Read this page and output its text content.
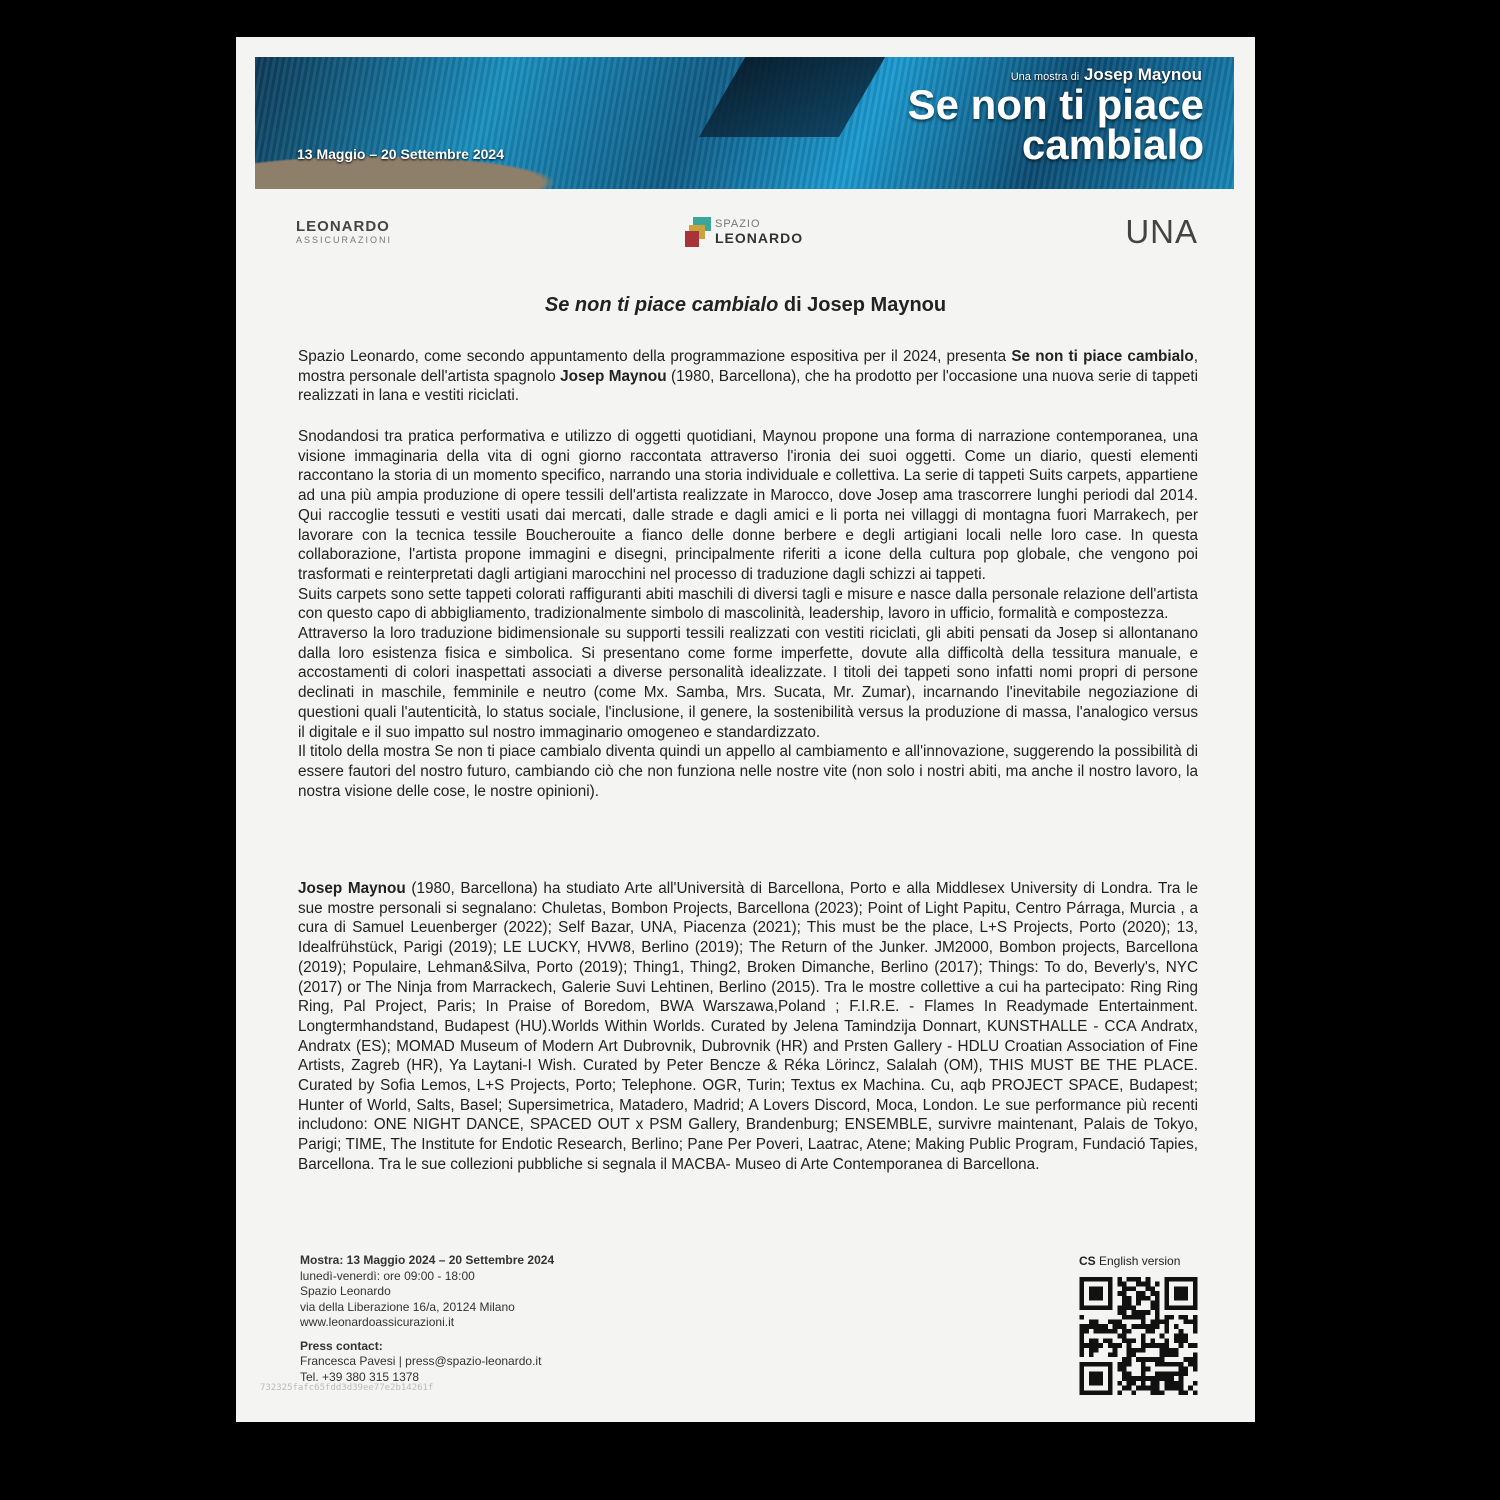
Una mostra di Josep Maynou
Se non ti piace
cambialo
13 Maggio – 20 Settembre 2024
LEONARDO
ASSICURAZIONI
SPAZIO
LEONARDO	UNA
Se non ti piace cambialo di Josep Maynou

Spazio Leonardo, come secondo appuntamento della programmazione espositiva per il 2024, presenta Se non ti piace cambialo, mostra personale dell'artista spagnolo Josep Maynou (1980, Barcellona), che ha prodotto per l'occasione una nuova serie di tappeti realizzati in lana e vestiti riciclati.

Snodandosi tra pratica performativa e utilizzo di oggetti quotidiani, Maynou propone una forma di narrazione contemporanea, una visione immaginaria della vita di ogni giorno raccontata attraverso l'ironia dei suoi oggetti. Come un diario, questi elementi raccontano la storia di un momento specifico, narrando una storia individuale e collettiva. La serie di tappeti Suits carpets, appartiene ad una più ampia produzione di opere tessili dell'artista realizzate in Marocco, dove Josep ama trascorrere lunghi periodi dal 2014. Qui raccoglie tessuti e vestiti usati dai mercati, dalle strade e dagli amici e li porta nei villaggi di montagna fuori Marrakech, per lavorare con la tecnica tessile Boucherouite a fianco delle donne berbere e degli artigiani locali nelle loro case. In questa collaborazione, l'artista propone immagini e disegni, principalmente riferiti a icone della cultura pop globale, che vengono poi trasformati e reinterpretati dagli artigiani marocchini nel processo di traduzione dagli schizzi ai tappeti.

Suits carpets sono sette tappeti colorati raffiguranti abiti maschili di diversi tagli e misure e nasce dalla personale relazione dell'artista con questo capo di abbigliamento, tradizionalmente simbolo di mascolinità, leadership, lavoro in ufficio, formalità e compostezza.

Attraverso la loro traduzione bidimensionale su supporti tessili realizzati con vestiti riciclati, gli abiti pensati da Josep si allontanano dalla loro esistenza fisica e simbolica. Si presentano come forme imperfette, dovute alla difficoltà della tessitura manuale, e accostamenti di colori inaspettati associati a diverse personalità idealizzate. I titoli dei tappeti sono infatti nomi propri di persone declinati in maschile, femminile e neutro (come Mx. Samba, Mrs. Sucata, Mr. Zumar), incarnando l'inevitabile negoziazione di questioni quali l'autenticità, lo status sociale, l'inclusione, il genere, la sostenibilità versus la produzione di massa, l'analogico versus il digitale e il suo impatto sul nostro immaginario omogeneo e standardizzato.

Il titolo della mostra Se non ti piace cambialo diventa quindi un appello al cambiamento e all'innovazione, suggerendo la possibilità di essere fautori del nostro futuro, cambiando ciò che non funziona nelle nostre vite (non solo i nostri abiti, ma anche il nostro lavoro, la nostra visione delle cose, le nostre opinioni).

Josep Maynou (1980, Barcellona) ha studiato Arte all'Università di Barcellona, Porto e alla Middlesex University di Londra. Tra le sue mostre personali si segnalano: Chuletas, Bombon Projects, Barcellona (2023); Point of Light Papitu, Centro Párraga, Murcia , a cura di Samuel Leuenberger (2022); Self Bazar, UNA, Piacenza (2021); This must be the place, L+S Projects, Porto (2020); 13, Idealfrühstück, Parigi (2019); LE LUCKY, HVW8, Berlino (2019); The Return of the Junker. JM2000, Bombon projects, Barcellona (2019); Populaire, Lehman&Silva, Porto (2019); Thing1, Thing2, Broken Dimanche, Berlino (2017); Things: To do, Beverly's, NYC (2017) or The Ninja from Marrackech, Galerie Suvi Lehtinen, Berlino (2015). Tra le mostre collettive a cui ha partecipato: Ring Ring Ring, Pal Project, Paris; In Praise of Boredom, BWA Warszawa,Poland ; F.I.R.E. - Flames In Readymade Entertainment. Longtermhandstand, Budapest (HU).Worlds Within Worlds. Curated by Jelena Tamindzija Donnart, KUNSTHALLE - CCA Andratx, Andratx (ES); MOMAD Museum of Modern Art Dubrovnik, Dubrovnik (HR) and Prsten Gallery - HDLU Croatian Association of Fine Artists, Zagreb (HR), Ya Laytani-I Wish. Curated by Peter Bencze & Réka Lörincz, Salalah (OM), THIS MUST BE THE PLACE. Curated by Sofia Lemos, L+S Projects, Porto; Telephone. OGR, Turin; Textus ex Machina. Cu, aqb PROJECT SPACE, Budapest; Hunter of World, Salts, Basel; Supersimetrica, Matadero, Madrid; A Lovers Discord, Moca, London. Le sue performance più recenti includono: ONE NIGHT DANCE, SPACED OUT x PSM Gallery, Brandenburg; ENSEMBLE, survivre maintenant, Palais de Tokyo, Parigi; TIME, The Institute for Endotic Research, Berlino; Pane Per Poveri, Laatrac, Atene; Making Public Program, Fundació Tapies, Barcellona. Tra le sue collezioni pubbliche si segnala il MACBA- Museo di Arte Contemporanea di Barcellona.

Mostra: 13 Maggio 2024 – 20 Settembre 2024
lunedì-venerdì: ore 09:00 - 18:00
Spazio Leonardo
via della Liberazione 16/a, 20124 Milano
www.leonardoassicurazioni.it
Press contact:
Francesca Pavesi | press@spazio-leonardo.it
Tel. +39 380 315 1378
732325fafc65fdd3d39ee77e2b14261f
CS English version
